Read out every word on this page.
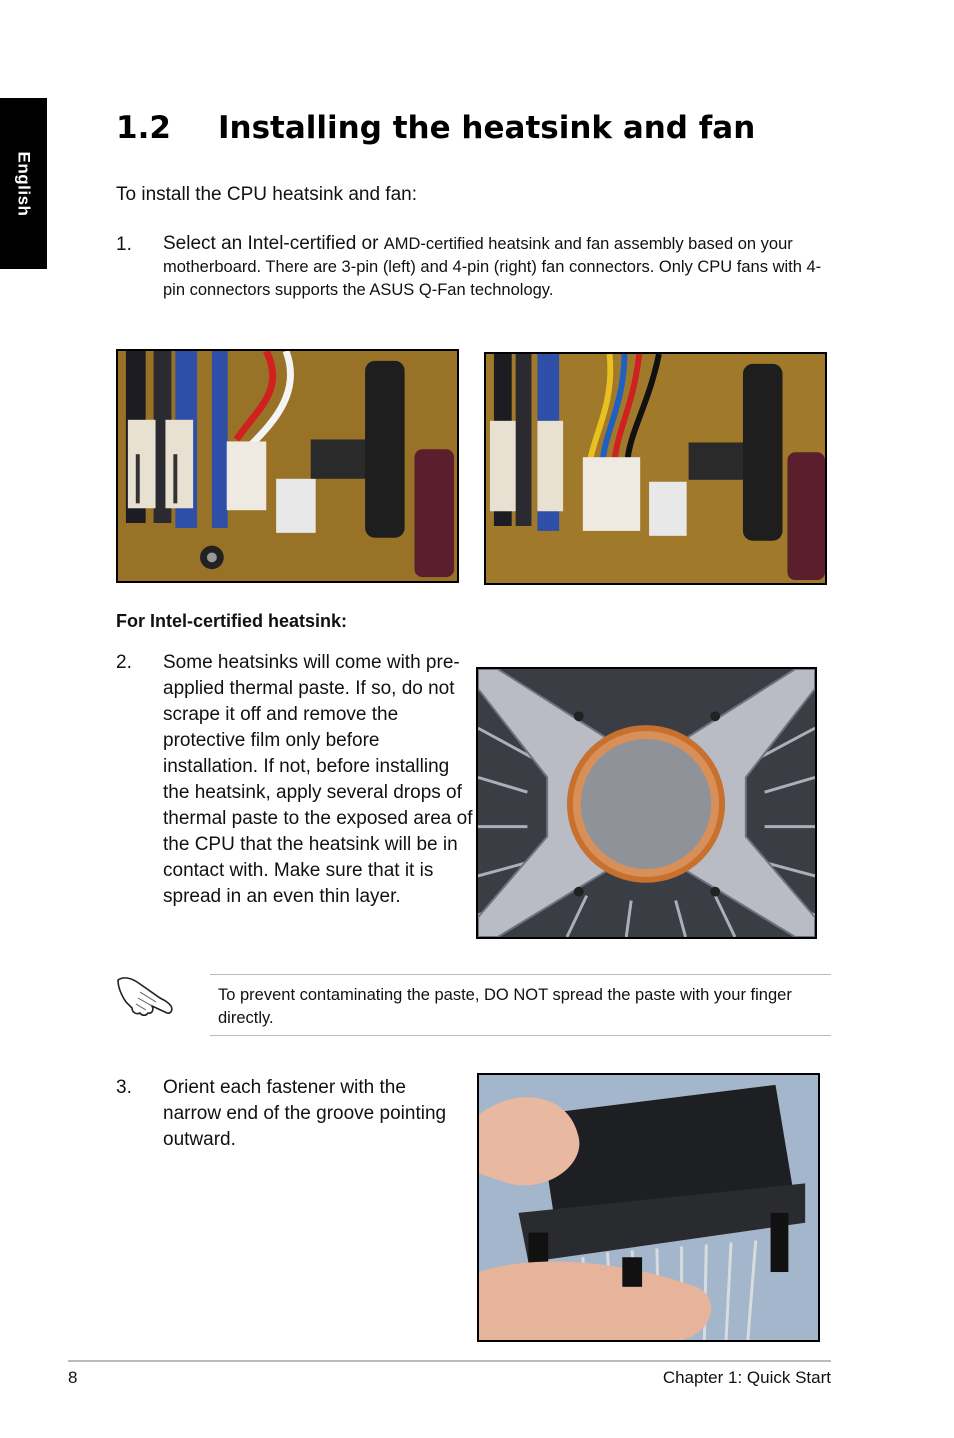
English
1.2 Installing the heatsink and fan
To install the CPU heatsink and fan:
1. Select an Intel-certified or AMD-certified heatsink and fan assembly based on your motherboard. There are 3-pin (left) and 4-pin (right) fan connectors. Only CPU fans with 4-pin connectors supports the ASUS Q-Fan technology.
For Intel-certified heatsink:
2. Some heatsinks will come with pre-applied thermal paste. If so, do not scrape it off and remove the protective film only before installation. If not, before installing the heatsink, apply several drops of thermal paste to the exposed area of the CPU that the heatsink will be in contact with. Make sure that it is spread in an even thin layer.

To prevent contaminating the paste, DO NOT spread the paste with your finger directly.

3. Orient each fastener with the narrow end of the groove pointing outward.
8	Chapter 1: Quick Start
